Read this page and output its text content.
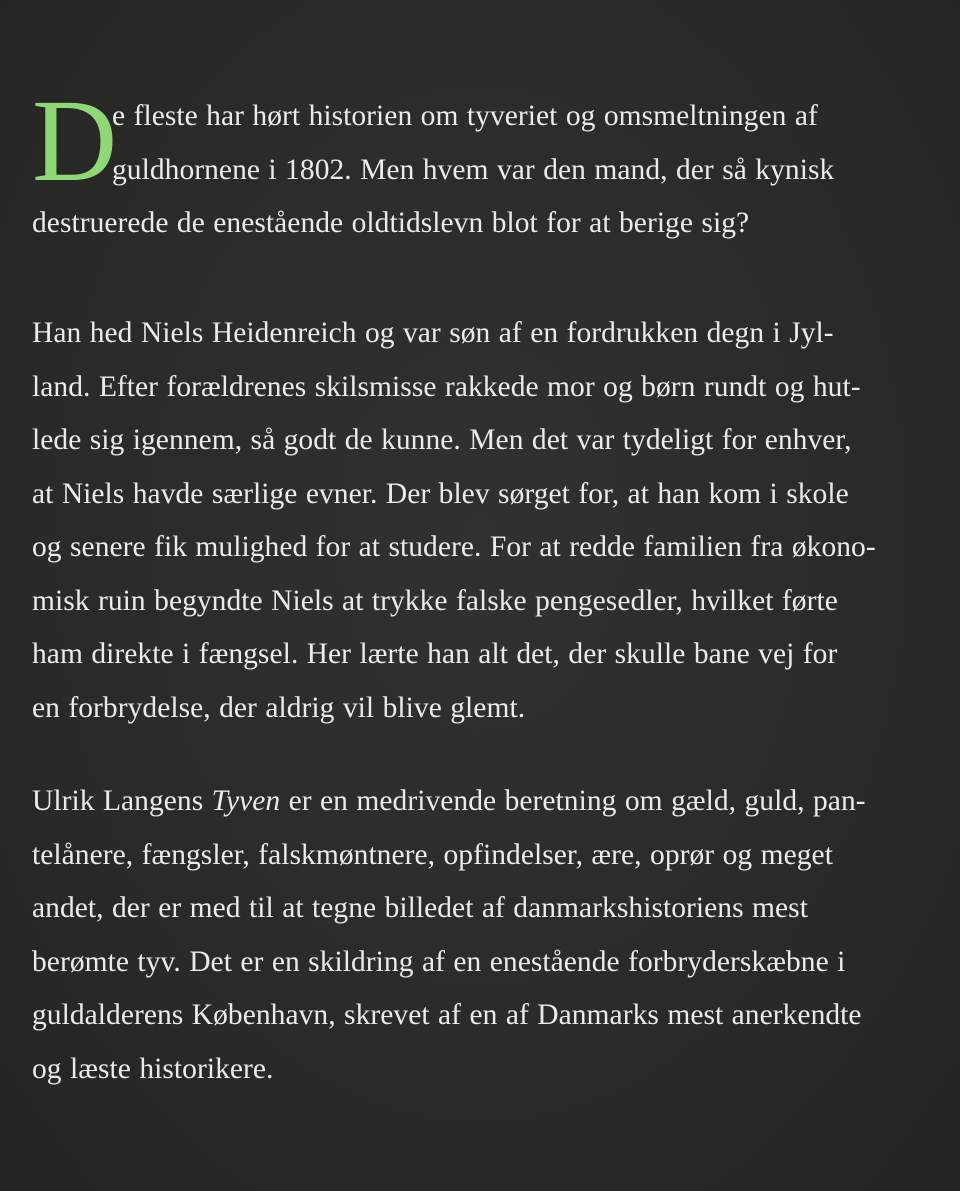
D
e fleste har hørt historien om tyveriet og omsmeltningen af
guldhornene i 1802. Men hvem var den mand, der så kynisk
destruerede de enestående oldtidslevn blot for at berige sig?
Han hed Niels Heidenreich og var søn af en fordrukken degn i Jyl-
land. Efter forældrenes skilsmisse rakkede mor og børn rundt og hut-
lede sig igennem, så godt de kunne. Men det var tydeligt for enhver,
at Niels havde særlige evner. Der blev sørget for, at han kom i skole
og senere fik mulighed for at studere. For at redde familien fra økono-
misk ruin begyndte Niels at trykke falske pengesedler, hvilket førte
ham direkte i fængsel. Her lærte han alt det, der skulle bane vej for
en forbrydelse, der aldrig vil blive glemt.
Ulrik Langens Tyven er en medrivende beretning om gæld, guld, pan-
telånere, fængsler, falskmøntnere, opfindelser, ære, oprør og meget
andet, der er med til at tegne billedet af danmarkshistoriens mest
berømte tyv. Det er en skildring af en enestående forbryderskæbne i
guldalderens København, skrevet af en af Danmarks mest anerkendte
og læste historikere.
